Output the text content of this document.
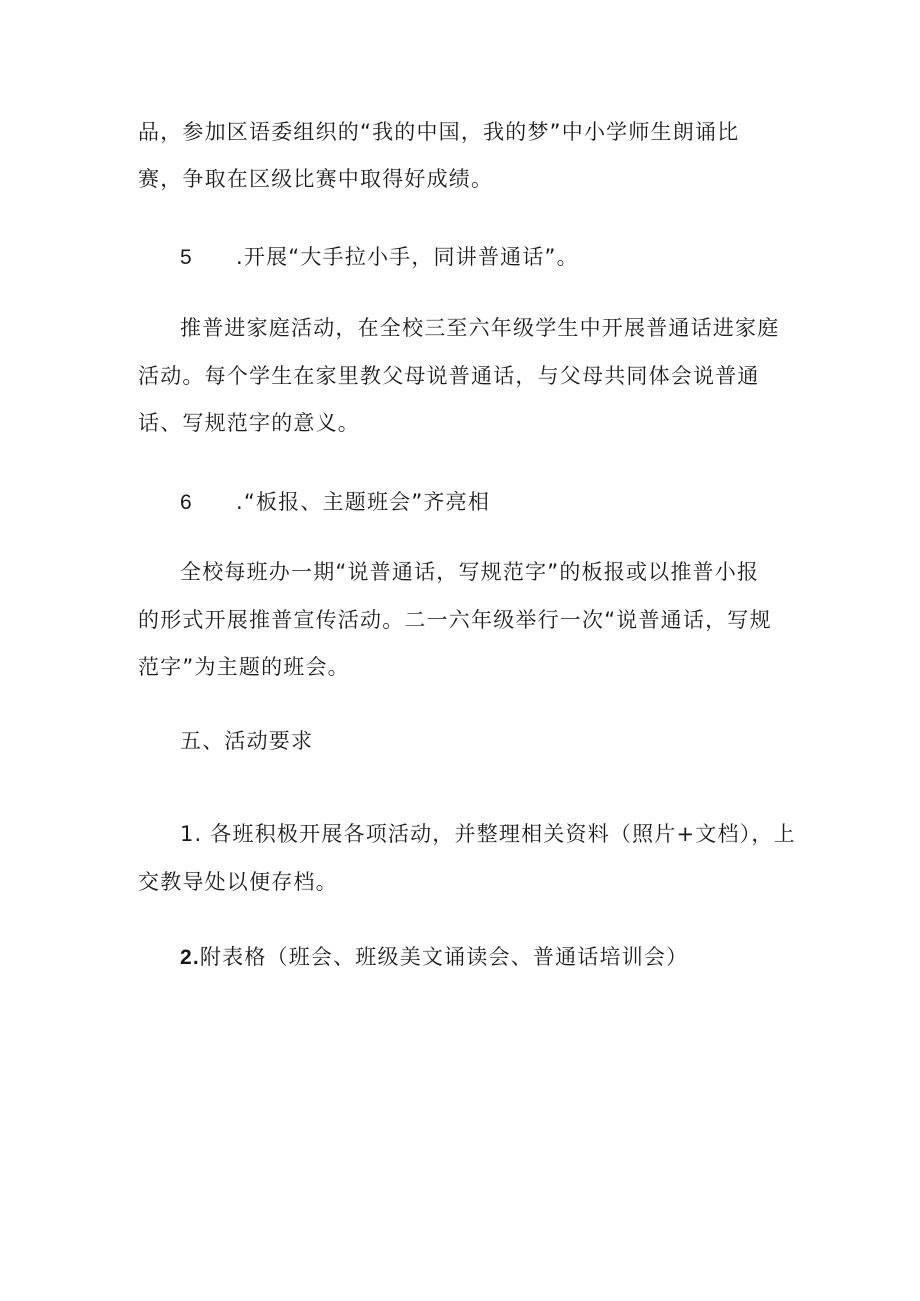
品，参加区语委组织的“我的中国，我的梦”中小学师生朗诵比
赛，争取在区级比赛中取得好成绩。
5 .开展“大手拉小手，同讲普通话”。
推普进家庭活动，在全校三至六年级学生中开展普通话进家庭
活动。每个学生在家里教父母说普通话，与父母共同体会说普通
话、写规范字的意义。
6 .“板报、主题班会”齐亮相
全校每班办一期“说普通话，写规范字”的板报或以推普小报
的形式开展推普宣传活动。二一六年级举行一次“说普通话，写规
范字”为主题的班会。
五、活动要求
1. 各班积极开展各项活动，并整理相关资料（照片+文档），上
交教导处以便存档。
2.附表格（班会、班级美文诵读会、普通话培训会）
